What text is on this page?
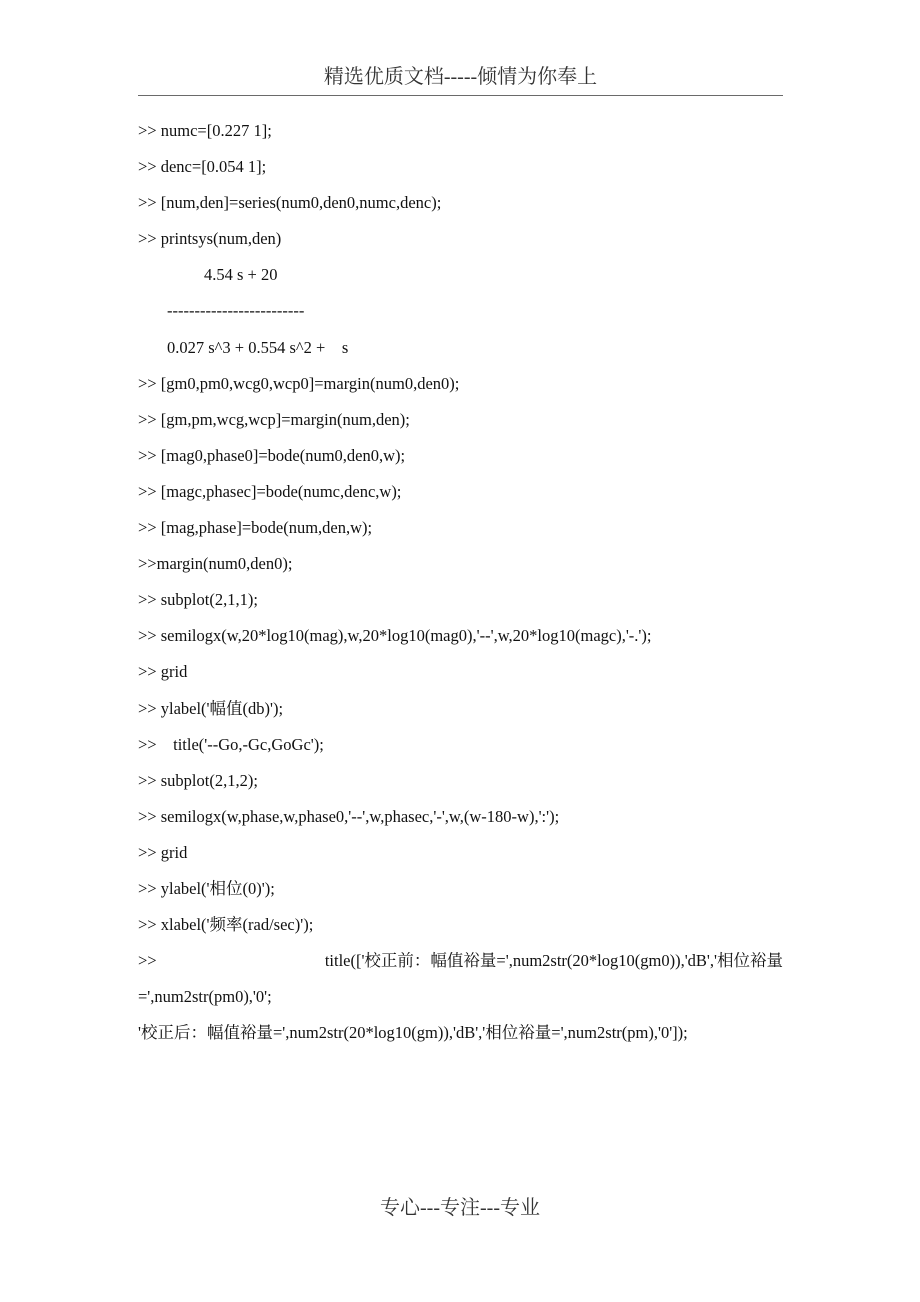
精选优质文档-----倾情为你奉上
>> numc=[0.227 1];
>> denc=[0.054 1];
>> [num,den]=series(num0,den0,numc,denc);
>> printsys(num,den)
4.54 s + 20
-------------------------
0.027 s^3 + 0.554 s^2 +    s
>> [gm0,pm0,wcg0,wcp0]=margin(num0,den0);
>> [gm,pm,wcg,wcp]=margin(num,den);
>> [mag0,phase0]=bode(num0,den0,w);
>> [magc,phasec]=bode(numc,denc,w);
>> [mag,phase]=bode(num,den,w);
>>margin(num0,den0);
>> subplot(2,1,1);
>> semilogx(w,20*log10(mag),w,20*log10(mag0),'--',w,20*log10(magc),'-.');
>> grid
>> ylabel('幅值(db)');
>>    title('--Go,-Gc,GoGc');
>> subplot(2,1,2);
>> semilogx(w,phase,w,phase0,'--',w,phasec,'-',w,(w-180-w),':');
>> grid
>> ylabel('相位(0)');
>> xlabel('频率(rad/sec)');
>>	title(['校正前：幅值裕量=',num2str(20*log10(gm0)),'dB','相位裕量
=',num2str(pm0),'0';
'校正后：幅值裕量=',num2str(20*log10(gm)),'dB','相位裕量=',num2str(pm),'0']);
专心---专注---专业
